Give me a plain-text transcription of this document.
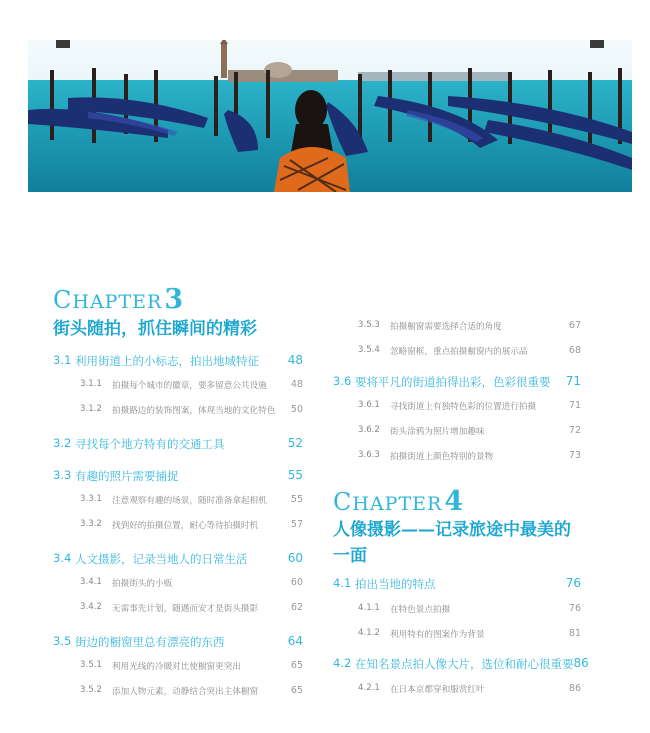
CHAPTER3
街头随拍，抓住瞬间的精彩
3.1 利用街道上的小标志，拍出地域特征 48
3.1.1	拍摄每个城市的徽章，要多留意公共设施	48
3.1.2	拍摄路边的装饰图案，体现当地的文化特色 50
3.2 寻找每个地方特有的交通工具	52
3.3 有趣的照片需要捕捉	55
3.3.1	注意观察有趣的场景，随时准备拿起相机	55
3.3.2	找到好的拍摄位置，耐心等待拍摄时机	57
3.4 人文摄影，记录当地人的日常生活	60
3.4.1	拍摄街头的小贩	60
3.4.2	无需事先计划，随遇而安才是街头摄影	62
3.5 街边的橱窗里总有漂亮的东西	64
3.5.1	利用光线的冷暖对比使橱窗更突出	65
3.5.2	添加人物元素，动静结合突出主体橱窗	65
3.5.3	拍摄橱窗需要选择合适的角度	67
3.5.4	忽略窗框，重点拍摄橱窗内的展示品	68
3.6 要将平凡的街道拍得出彩，色彩很重要 71
3.6.1	寻找街道上有独特色彩的位置进行拍摄	71
3.6.2	街头涂鸦为照片增加趣味	72
3.6.3	拍摄街道上颜色特别的景物	73
CHAPTER4
人像摄影——记录旅途中最美的
一面
4.1 拍出当地的特点	76
4.1.1	在特色景点拍摄	76
4.1.2	利用特有的图案作为背景	81
4.2 在知名景点拍人像大片，选位和耐心很重要 86
4.2.1	在日本京都穿和服赏红叶	86
